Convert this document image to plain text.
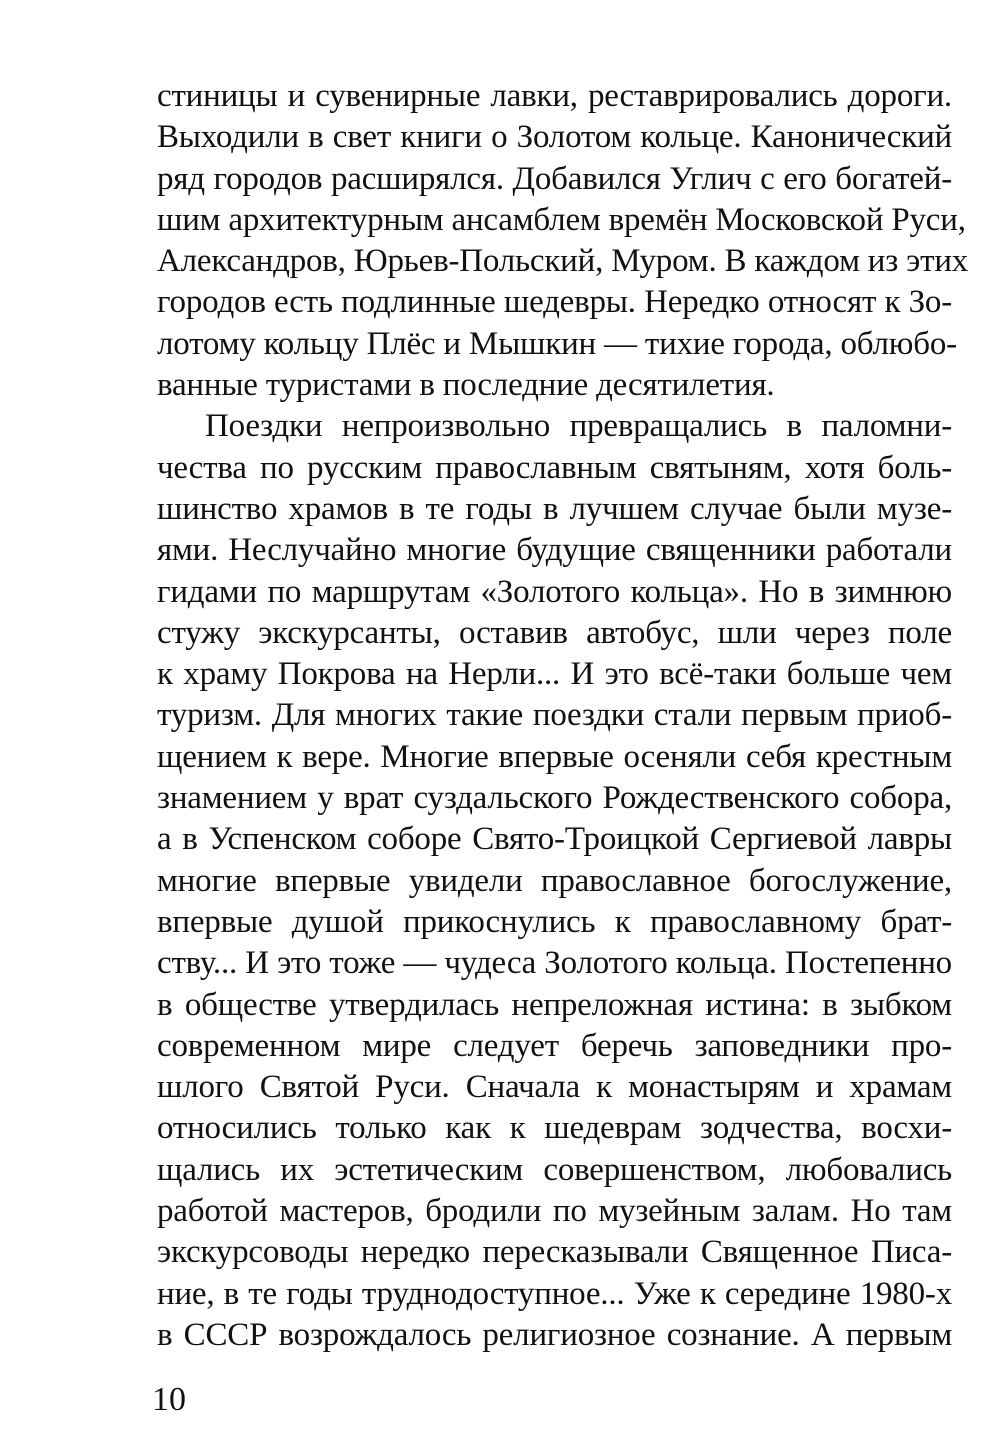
стиницы и сувенирные лавки, реставрировались дороги.
Выходили в свет книги о Золотом кольце. Канонический
ряд городов расширялся. Добавился Углич с его богатей-
шим архитектурным ансамблем времён Московской Руси,
Александров, Юрьев-Польский, Муром. В каждом из этих
городов есть подлинные шедевры. Нередко относят к Зо-
лотому кольцу Плёс и Мышкин — тихие города, облюбо-
ванные туристами в последние десятилетия.
Поездки непроизвольно превращались в паломни-
чества по русским православным святыням, хотя боль-
шинство храмов в те годы в лучшем случае были музе-
ями. Неслучайно многие будущие священники работали
гидами по маршрутам «Золотого кольца». Но в зимнюю
стужу экскурсанты, оставив автобус, шли через поле
к храму Покрова на Нерли... И это всё-таки больше чем
туризм. Для многих такие поездки стали первым приоб-
щением к вере. Многие впервые осеняли себя крестным
знамением у врат суздальского Рождественского собора,
а в Успенском соборе Свято-Троицкой Сергиевой лавры
многие впервые увидели православное богослужение,
впервые душой прикоснулись к православному брат-
ству... И это тоже — чудеса Золотого кольца. Постепенно
в обществе утвердилась непреложная истина: в зыбком
современном мире следует беречь заповедники про-
шлого Святой Руси. Сначала к монастырям и храмам
относились только как к шедеврам зодчества, восхи-
щались их эстетическим совершенством, любовались
работой мастеров, бродили по музейным залам. Но там
экскурсоводы нередко пересказывали Священное Писа-
ние, в те годы труднодоступное... Уже к середине 1980-х
в СССР возрождалось религиозное сознание. А первым
10
